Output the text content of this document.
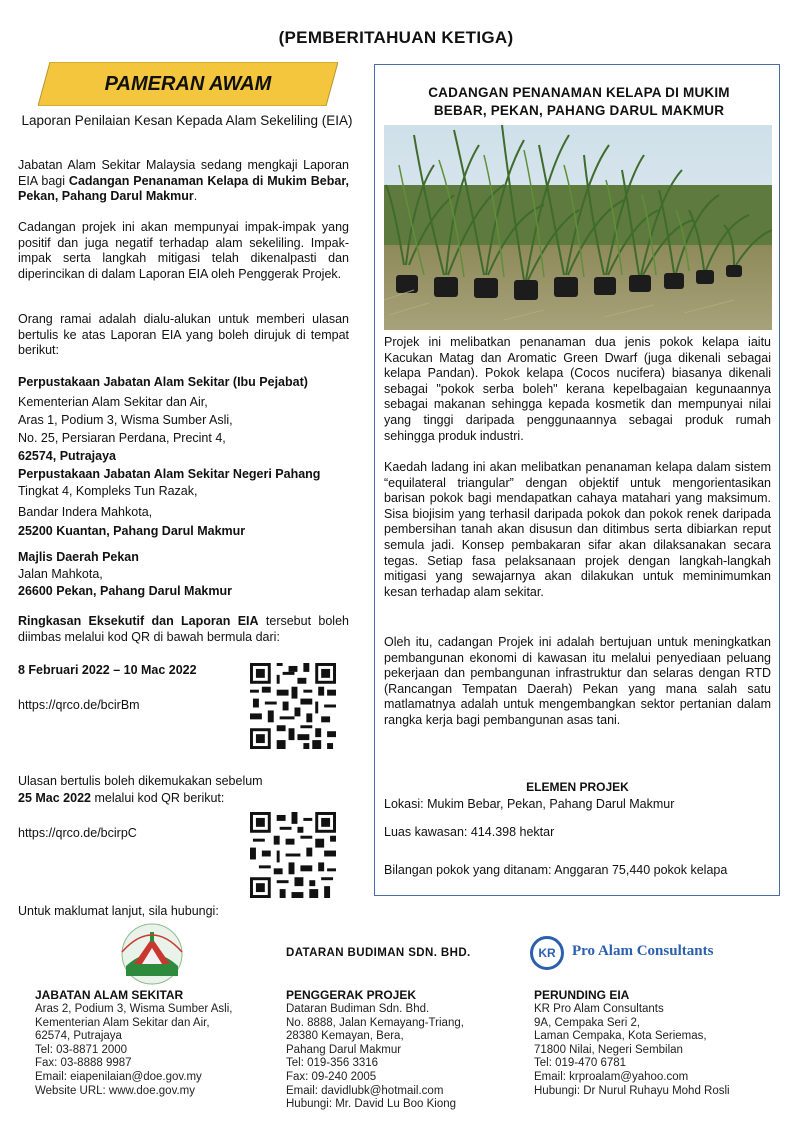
(PEMBERITAHUAN KETIGA)
PAMERAN AWAM
Laporan Penilaian Kesan Kepada Alam Sekeliling (EIA)
Jabatan Alam Sekitar Malaysia sedang mengkaji Laporan EIA bagi Cadangan Penanaman Kelapa di Mukim Bebar, Pekan, Pahang Darul Makmur.
Cadangan projek ini akan mempunyai impak-impak yang positif dan juga negatif terhadap alam sekeliling. Impak- impak serta langkah mitigasi telah dikenalpasti dan diperincikan di dalam Laporan EIA oleh Penggerak Projek.
Orang ramai adalah dialu-alukan untuk memberi ulasan bertulis ke atas Laporan EIA yang boleh dirujuk di tempat berikut:
Perpustakaan Jabatan Alam Sekitar (Ibu Pejabat)
Kementerian Alam Sekitar dan Air,
Aras 1, Podium 3, Wisma Sumber Asli,
No. 25, Persiaran Perdana, Precint 4,
62574, Putrajaya
Perpustakaan Jabatan Alam Sekitar Negeri Pahang
Tingkat 4, Kompleks Tun Razak,
Bandar Indera Mahkota,
25200 Kuantan, Pahang Darul Makmur
Majlis Daerah Pekan
Jalan Mahkota,
26600 Pekan, Pahang Darul Makmur
Ringkasan Eksekutif dan Laporan EIA tersebut boleh diimbas melalui kod QR di bawah bermula dari:
8 Februari 2022 – 10 Mac 2022
https://qrco.de/bcirBm
Ulasan bertulis boleh dikemukakan sebelum
25 Mac 2022 melalui kod QR berikut:
https://qrco.de/bcirpC
Untuk maklumat lanjut, sila hubungi:
CADANGAN PENANAMAN KELAPA DI MUKIM
BEBAR, PEKAN, PAHANG DARUL MAKMUR
Projek ini melibatkan penanaman dua jenis pokok kelapa iaitu Kacukan Matag dan Aromatic Green Dwarf (juga dikenali sebagai kelapa Pandan). Pokok kelapa (Cocos nucifera) biasanya dikenali sebagai "pokok serba boleh" kerana kepelbagaian kegunaannya sebagai makanan sehingga kepada kosmetik dan mempunyai nilai yang tinggi daripada penggunaannya sebagai produk rumah sehingga produk industri.
Kaedah ladang ini akan melibatkan penanaman kelapa dalam sistem “equilateral triangular” dengan objektif untuk mengorientasikan barisan pokok bagi mendapatkan cahaya matahari yang maksimum. Sisa biojisim yang terhasil daripada pokok dan pokok renek daripada pembersihan tanah akan disusun dan ditimbus serta dibiarkan reput semula jadi. Konsep pembakaran sifar akan dilaksanakan secara tegas. Setiap fasa pelaksanaan projek dengan langkah-langkah mitigasi yang sewajarnya akan dilakukan untuk meminimumkan kesan terhadap alam sekitar.
Oleh itu, cadangan Projek ini adalah bertujuan untuk meningkatkan pembangunan ekonomi di kawasan itu melalui penyediaan peluang pekerjaan dan pembangunan infrastruktur dan selaras dengan RTD (Rancangan Tempatan Daerah) Pekan yang mana salah satu matlamatnya adalah untuk mengembangkan sektor pertanian dalam rangka kerja bagi pembangunan asas tani.
ELEMEN PROJEK
Lokasi: Mukim Bebar, Pekan, Pahang Darul Makmur
Luas kawasan: 414.398 hektar
Bilangan pokok yang ditanam: Anggaran 75,440 pokok kelapa
DATARAN BUDIMAN SDN. BHD.	KR	Pro Alam Consultants
JABATAN ALAM SEKITAR
Aras 2, Podium 3, Wisma Sumber Asli,
Kementerian Alam Sekitar dan Air,
62574, Putrajaya
Tel: 03-8871 2000
Fax: 03-8888 9987
Email: eiapenilaian@doe.gov.my
Website URL: www.doe.gov.my
PENGGERAK PROJEK
Dataran Budiman Sdn. Bhd.
No. 8888, Jalan Kemayang-Triang,
28380 Kemayan, Bera,
Pahang Darul Makmur
Tel: 019-356 3316
Fax: 09-240 2005
Email: davidlubk@hotmail.com
Hubungi: Mr. David Lu Boo Kiong
PERUNDING EIA
KR Pro Alam Consultants
9A, Cempaka Seri 2,
Laman Cempaka, Kota Seriemas,
71800 Nilai, Negeri Sembilan
Tel: 019-470 6781
Email: krproalam@yahoo.com
Hubungi: Dr Nurul Ruhayu Mohd Rosli
